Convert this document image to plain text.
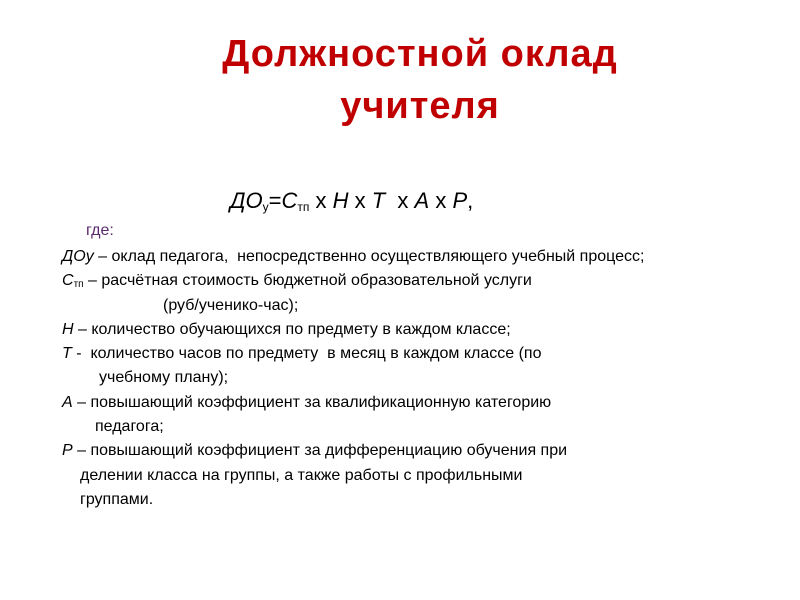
Должностной оклад
учителя
$ДО_у=С_{тп}$ х Н х Т  х А х Р,
где:
ДОу – оклад педагога,  непосредственно осуществляющего учебный процесс;
$С_{тп}$ – расчётная стоимость бюджетной образовательной услуги
(руб/ученико-час);
Н – количество обучающихся по предмету в каждом классе;
Т -  количество часов по предмету  в месяц в каждом классе (по
учебному плану);
А – повышающий коэффициент за квалификационную категорию
педагога;
Р – повышающий коэффициент за дифференциацию обучения при
делении класса на группы, а также работы с профильными
группами.
